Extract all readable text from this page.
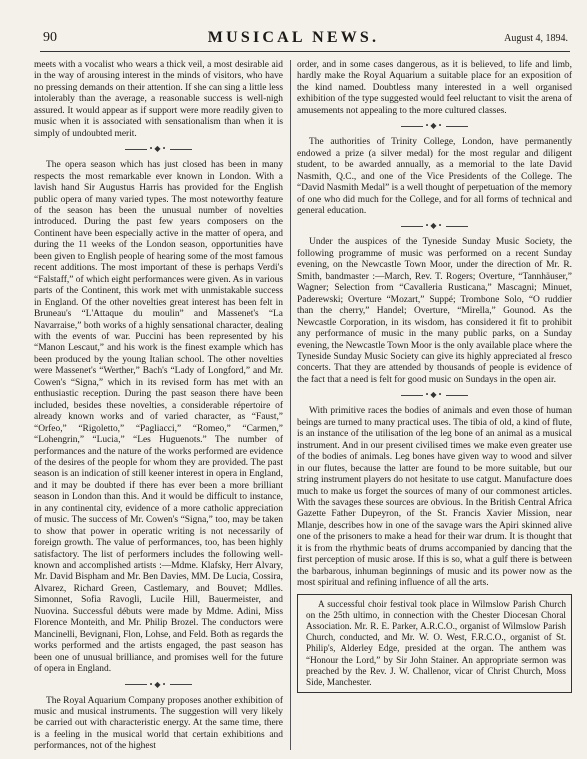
90	MUSICAL NEWS.	August 4, 1894.

meets with a vocalist who wears a thick veil, a most desirable aid in the way of arousing interest in the minds of visitors, who have no pressing demands on their attention. If she can sing a little less intolerably than the average, a reasonable success is well-nigh assured. It would appear as if support were more readily given to music when it is associated with sensationalism than when it is simply of undoubted merit.

•◆•

The opera season which has just closed has been in many respects the most remarkable ever known in London. With a lavish hand Sir Augustus Harris has provided for the English public opera of many varied types. The most noteworthy feature of the season has been the unusual number of novelties introduced. During the past few years composers on the Continent have been especially active in the matter of opera, and during the 11 weeks of the London season, opportunities have been given to English people of hearing some of the most famous recent additions. The most important of these is perhaps Verdi's “Falstaff,” of which eight performances were given. As in various parts of the Continent, this work met with unmistakable success in England. Of the other novelties great interest has been felt in Bruneau's “L'Attaque du moulin” and Massenet's “La Navarraise,” both works of a highly sensational character, dealing with the events of war. Puccini has been represented by his “Manon Lescaut,” and his work is the finest example which has been produced by the young Italian school. The other novelties were Massenet's “Werther,” Bach's “Lady of Longford,” and Mr. Cowen's “Signa,” which in its revised form has met with an enthusiastic reception. During the past season there have been included, besides these novelties, a considerable répertoire of already known works and of varied character, as “Faust,” “Orfeo,” “Rigoletto,” “Pagliacci,” “Romeo,” “Carmen,” “Lohengrin,” “Lucia,” “Les Huguenots.” The number of performances and the nature of the works performed are evidence of the desires of the people for whom they are provided. The past season is an indication of still keener interest in opera in England, and it may be doubted if there has ever been a more brilliant season in London than this. And it would be difficult to instance, in any continental city, evidence of a more catholic appreciation of music. The success of Mr. Cowen's “Signa,” too, may be taken to show that power in operatic writing is not necessarily of foreign growth. The value of performances, too, has been highly satisfactory. The list of performers includes the following well-known and accomplished artists :—Mdme. Klafsky, Herr Alvary, Mr. David Bispham and Mr. Ben Davies, MM. De Lucia, Cossira, Alvarez, Richard Green, Castlemary, and Bouvet; Mdlles. Simonnet, Sofia Ravogli, Lucile Hill, Bauermeister, and Nuovina. Successful débuts were made by Mdme. Adini, Miss Florence Monteith, and Mr. Philip Brozel. The conductors were Mancinelli, Bevignani, Flon, Lohse, and Feld. Both as regards the works performed and the artists engaged, the past season has been one of unusual brilliance, and promises well for the future of opera in England.

•◆•

The Royal Aquarium Company proposes another exhibition of music and musical instruments. The suggestion will very likely be carried out with characteristic energy. At the same time, there is a feeling in the musical world that certain exhibitions and performances, not of the highest

order, and in some cases dangerous, as it is believed, to life and limb, hardly make the Royal Aquarium a suitable place for an exposition of the kind named. Doubtless many interested in a well organised exhibition of the type suggested would feel reluctant to visit the arena of amusements not appealing to the more cultured classes.

•◆•

The authorities of Trinity College, London, have permanently endowed a prize (a silver medal) for the most regular and diligent student, to be awarded annually, as a memorial to the late David Nasmith, Q.C., and one of the Vice Presidents of the College. The “David Nasmith Medal” is a well thought of perpetuation of the memory of one who did much for the College, and for all forms of technical and general education.

•◆•

Under the auspices of the Tyneside Sunday Music Society, the following programme of music was performed on a recent Sunday evening, on the Newcastle Town Moor, under the direction of Mr. R. Smith, bandmaster :—March, Rev. T. Rogers; Overture, “Tannhäuser,” Wagner; Selection from “Cavalleria Rusticana,” Mascagni; Minuet, Paderewski; Overture “Mozart,” Suppé; Trombone Solo, “O ruddier than the cherry,” Handel; Overture, “Mirella,” Gounod. As the Newcastle Corporation, in its wisdom, has considered it fit to prohibit any performance of music in the many public parks, on a Sunday evening, the Newcastle Town Moor is the only available place where the Tyneside Sunday Music Society can give its highly appreciated al fresco concerts. That they are attended by thousands of people is evidence of the fact that a need is felt for good music on Sundays in the open air.

•◆•

With primitive races the bodies of animals and even those of human beings are turned to many practical uses. The tibia of old, a kind of flute, is an instance of the utilisation of the leg bone of an animal as a musical instrument. And in our present civilised times we make even greater use of the bodies of animals. Leg bones have given way to wood and silver in our flutes, because the latter are found to be more suitable, but our string instrument players do not hesitate to use catgut. Manufacture does much to make us forget the sources of many of our commonest articles. With the savages these sources are obvious. In the British Central Africa Gazette Father Dupeyron, of the St. Francis Xavier Mission, near Mlanje, describes how in one of the savage wars the Apiri skinned alive one of the prisoners to make a head for their war drum. It is thought that it is from the rhythmic beats of drums accompanied by dancing that the first perception of music arose. If this is so, what a gulf there is between the barbarous, inhuman beginnings of music and its power now as the most spiritual and refining influence of all the arts.

A successful choir festival took place in Wilmslow Parish Church on the 25th ultimo, in connection with the Chester Diocesan Choral Association. Mr. R. E. Parker, A.R.C.O., organist of Wilmslow Parish Church, conducted, and Mr. W. O. West, F.R.C.O., organist of St. Philip's, Alderley Edge, presided at the organ. The anthem was “Honour the Lord,” by Sir John Stainer. An appropriate sermon was preached by the Rev. J. W. Challenor, vicar of Christ Church, Moss Side, Manchester.
